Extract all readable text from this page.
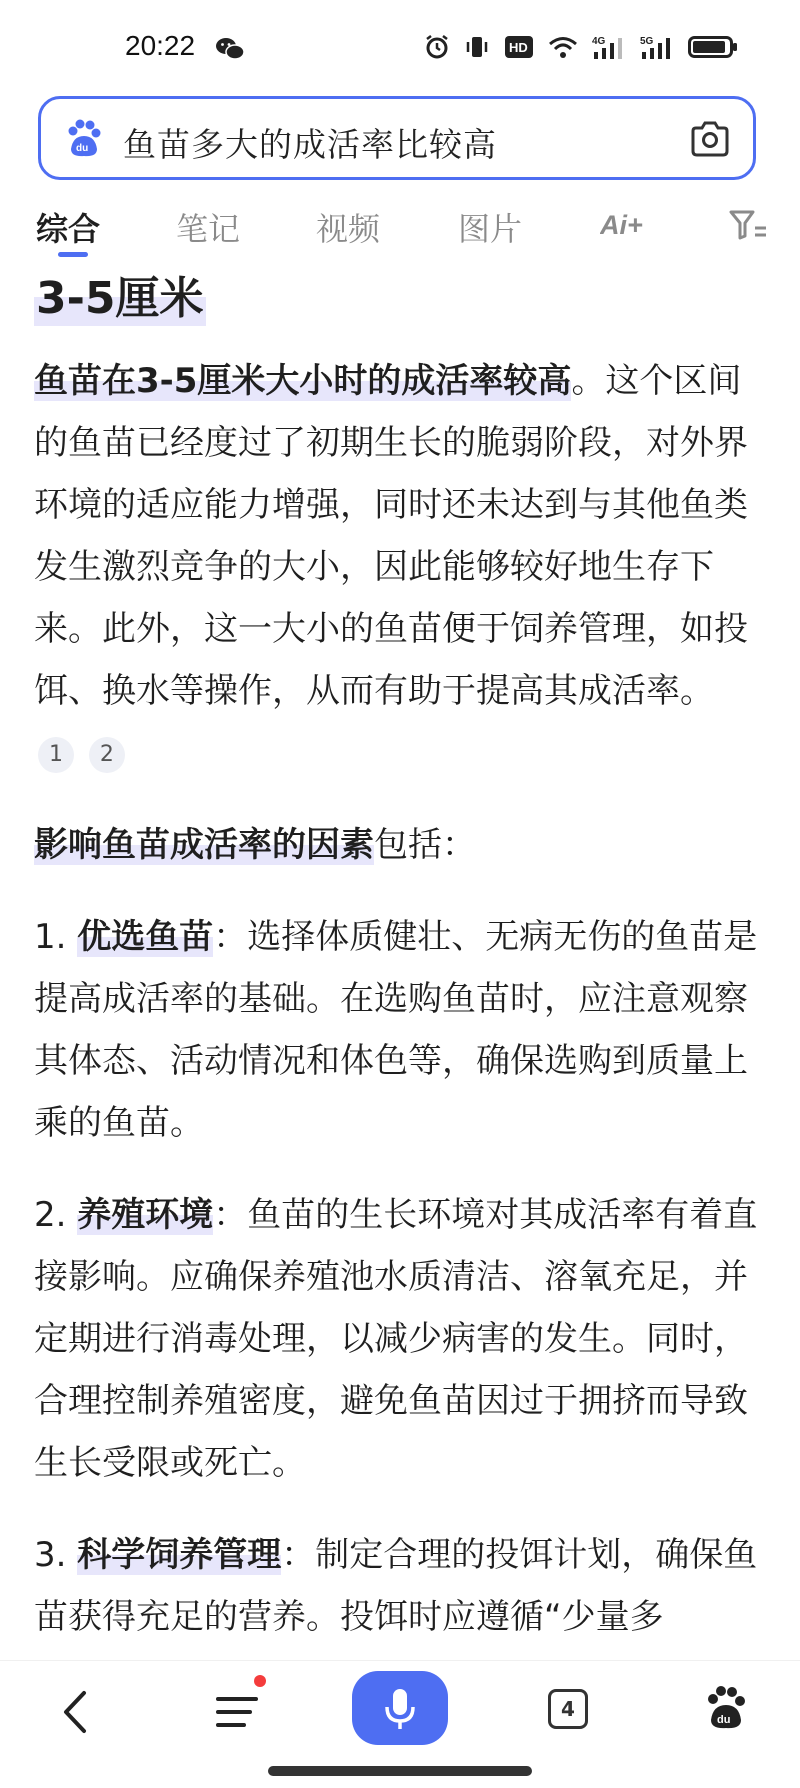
20:22	HD	4G	5G
du 鱼苗多大的成活率比较高
综合 笔记 视频 图片	Ai+
3-5厘米

鱼苗在3-5厘米大小时的成活率较高。这个区间的鱼苗已经度过了初期生长的脆弱阶段，对外界环境的适应能力增强，同时还未达到与其他鱼类发生激烈竞争的大小，因此能够较好地生存下来。此外，这一大小的鱼苗便于饲养管理，如投饵、换水等操作，从而有助于提高其成活率。 1 2

影响鱼苗成活率的因素包括：

1. 优选鱼苗：选择体质健壮、无病无伤的鱼苗是提高成活率的基础。在选购鱼苗时，应注意观察其体态、活动情况和体色等，确保选购到质量上乘的鱼苗。

2. 养殖环境：鱼苗的生长环境对其成活率有着直接影响。应确保养殖池水质清洁、溶氧充足，并定期进行消毒处理，以减少病害的发生。同时，合理控制养殖密度，避免鱼苗因过于拥挤而导致生长受限或死亡。

3. 科学饲养管理：制定合理的投饵计划，确保鱼苗获得充足的营养。投饵时应遵循“少量多

4	du
